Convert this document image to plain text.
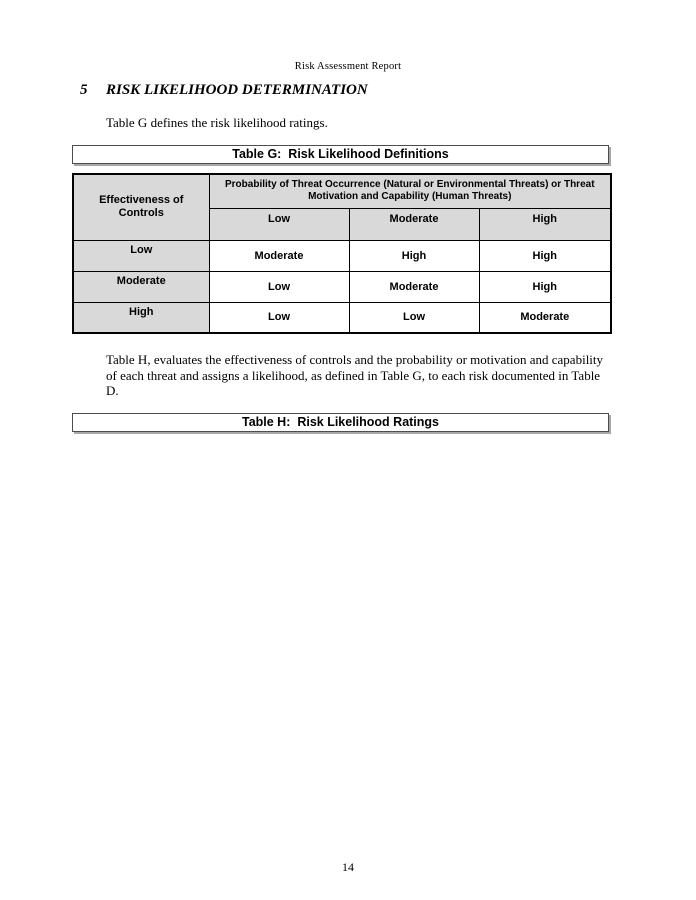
Risk Assessment Report
5 RISK LIKELIHOOD DETERMINATION
Table G defines the risk likelihood ratings.
Table G:  Risk Likelihood Definitions
Effectiveness of Controls	Probability of Threat Occurrence (Natural or Environmental Threats) or Threat Motivation and Capability (Human Threats)		
	Low	Moderate	High
Low	Moderate	High	High
Moderate	Low	Moderate	High
High	Low	Low	Moderate
Table H, evaluates the effectiveness of controls and the probability or motivation and capability of each threat and assigns a likelihood, as defined in Table G, to each risk documented in Table D.
Table H:  Risk Likelihood Ratings
14
